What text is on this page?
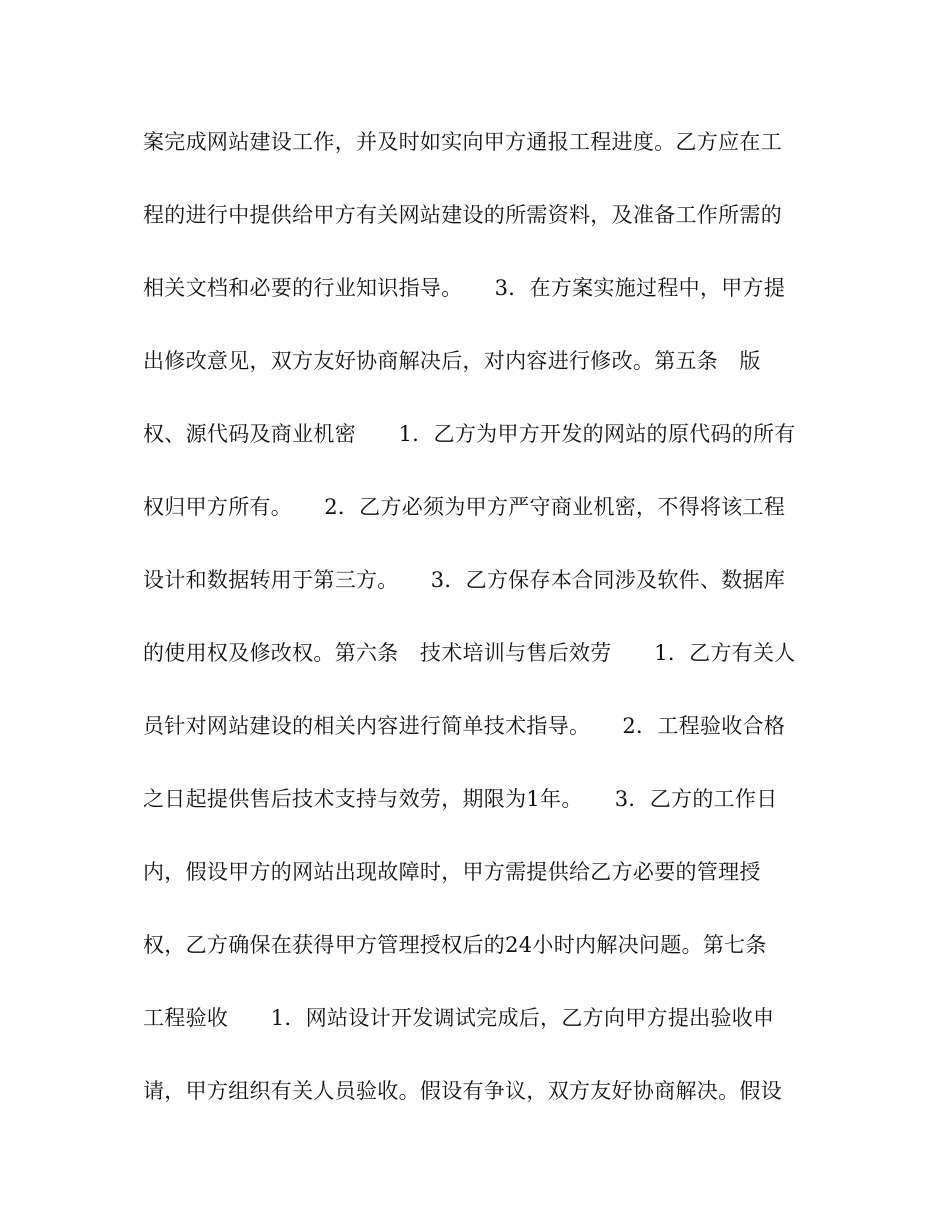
案完成网站建设工作，并及时如实向甲方通报工程进度。乙方应在工
程的进行中提供给甲方有关网站建设的所需资料，及准备工作所需的
相关文档和必要的行业知识指导。　　3．在方案实施过程中，甲方提
出修改意见，双方友好协商解决后，对内容进行修改。第五条　版
权、源代码及商业机密　　1．乙方为甲方开发的网站的原代码的所有
权归甲方所有。　　2．乙方必须为甲方严守商业机密，不得将该工程
设计和数据转用于第三方。　　3．乙方保存本合同涉及软件、数据库
的使用权及修改权。第六条　技术培训与售后效劳　　1．乙方有关人
员针对网站建设的相关内容进行简单技术指导。　　2．工程验收合格
之日起提供售后技术支持与效劳，期限为1年。　　3．乙方的工作日
内，假设甲方的网站出现故障时，甲方需提供给乙方必要的管理授
权，乙方确保在获得甲方管理授权后的24小时内解决问题。第七条
工程验收　　1．网站设计开发调试完成后，乙方向甲方提出验收申
请，甲方组织有关人员验收。假设有争议，双方友好协商解决。假设
